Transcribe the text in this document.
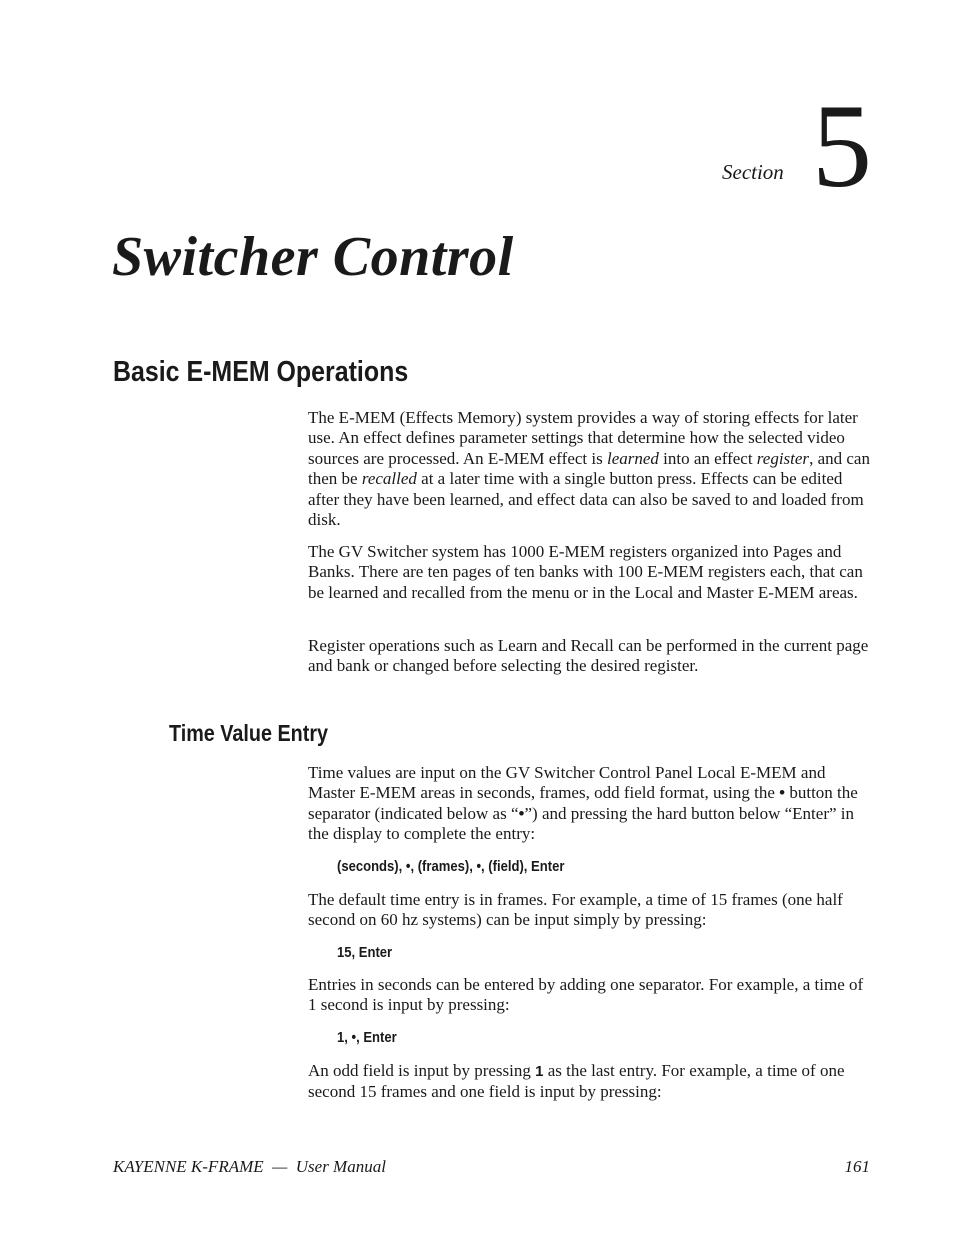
Section 5
Switcher Control
Basic E-MEM Operations

The E-MEM (Effects Memory) system provides a way of storing effects for later use. An effect defines parameter settings that determine how the selected video sources are processed. An E-MEM effect is learned into an effect register, and can then be recalled at a later time with a single button press. Effects can be edited after they have been learned, and effect data can also be saved to and loaded from disk.

The GV Switcher system has 1000 E-MEM registers organized into Pages and Banks. There are ten pages of ten banks with 100 E-MEM registers each, that can be learned and recalled from the menu or in the Local and Master E-MEM areas.

Register operations such as Learn and Recall can be performed in the current page and bank or changed before selecting the desired register.

Time Value Entry

Time values are input on the GV Switcher Control Panel Local E-MEM and Master E-MEM areas in seconds, frames, odd field format, using the • button the separator (indicated below as “•”) and pressing the hard button below “Enter” in the display to complete the entry:

(seconds), •, (frames), •, (field), Enter

The default time entry is in frames. For example, a time of 15 frames (one half second on 60 hz systems) can be input simply by pressing:

15, Enter

Entries in seconds can be entered by adding one separator. For example, a time of 1 second is input by pressing:

1, •, Enter

An odd field is input by pressing 1 as the last entry. For example, a time of one second 15 frames and one field is input by pressing:

KAYENNE K-FRAME  —  User Manual	161
